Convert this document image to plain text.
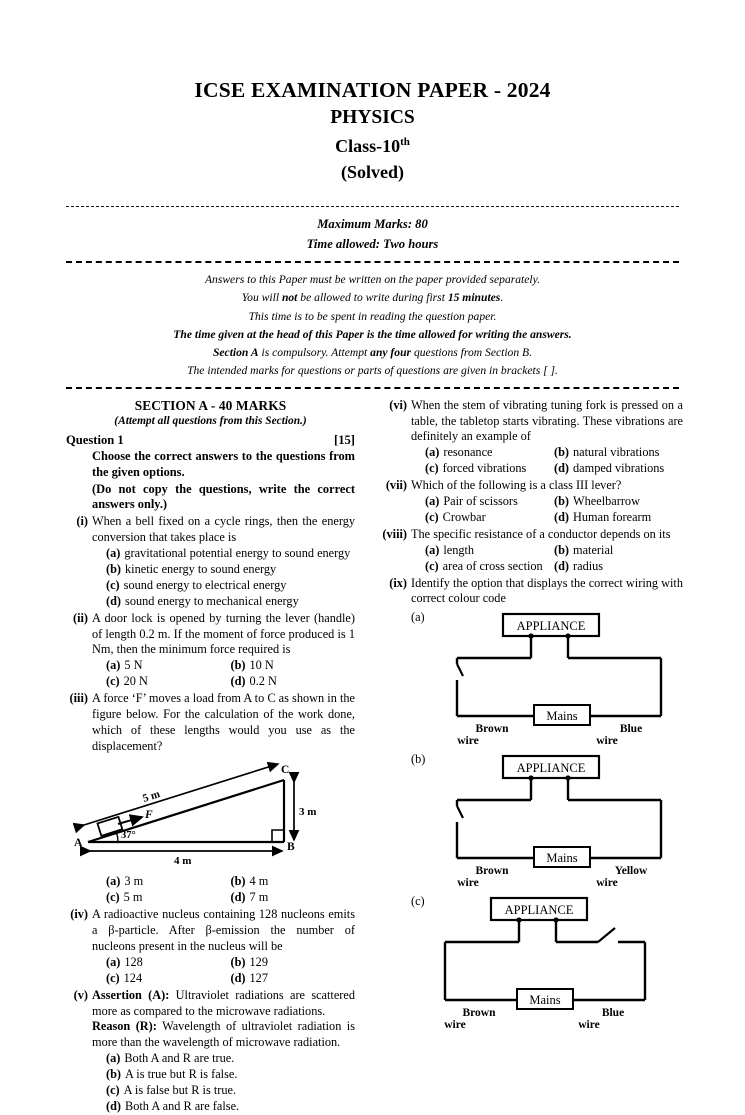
ICSE EXAMINATION PAPER - 2024
PHYSICS
Class-10th
(Solved)
Maximum Marks: 80
Time allowed: Two hours
Answers to this Paper must be written on the paper provided separately.
You will not be allowed to write during first 15 minutes.
This time is to be spent in reading the question paper.
The time given at the head of this Paper is the time allowed for writing the answers.
Section A is compulsory. Attempt any four questions from Section B.
The intended marks for questions or parts of questions are given in brackets [ ].
SECTION A - 40 MARKS
(Attempt all questions from this Section.)
Question 1	[15]
Choose the correct answers to the questions from the given options.
(Do not copy the questions, write the correct answers only.)
(i) When a bell fixed on a cycle rings, then the energy conversion that takes place is
(a) gravitational potential energy to sound energy
(b) kinetic energy to sound energy
(c) sound energy to electrical energy
(d) sound energy to mechanical energy
(ii) A door lock is opened by turning the lever (handle) of length 0.2 m. If the moment of force produced is 1 Nm, then the minimum force required is
(a) 5 N	(b) 10 N
(c) 20 N	(d) 0.2 N
(iii) A force ‘F’ moves a load from A to C as shown in the figure below. For the calculation of the work done, which of these lengths would you use as the displacement?
5 m
3 m
4 m
F
37°
A	B
C
(a) 3 m	(b) 4 m
(c) 5 m	(d) 7 m
(iv) A radioactive nucleus containing 128 nucleons emits a β-particle. After β-emission the number of nucleons present in the nucleus will be
(a) 128	(b) 129
(c) 124	(d) 127
(v) Assertion (A): Ultraviolet radiations are scattered more as compared to the microwave radiations.
Reason (R): Wavelength of ultraviolet radiation is more than the wavelength of microwave radiation.
(a) Both A and R are true.
(b) A is true but R is false.
(c) A is false but R is true.
(d) Both A and R are false.
(vi) When the stem of vibrating tuning fork is pressed on a table, the tabletop starts vibrating. These vibrations are definitely an example of
(a) resonance	(b) natural vibrations
(c) forced vibrations (d) damped vibrations
(vii) Which of the following is a class III lever?
(a) Pair of scissors	(b) Wheelbarrow
(c) Crowbar	(d) Human forearm
(viii) The specific resistance of a conductor depends on its
(a) length	(b) material
(c) area of cross section (d) radius
(ix) Identify the option that displays the correct wiring with correct colour code
(a)
APPLIANCE
Mains
Brown	Blue
wire	wire
(b)
APPLIANCE
Mains
Brown	Yellow
wire	wire
(c)
APPLIANCE
Mains
Brown	Blue
wire	wire
